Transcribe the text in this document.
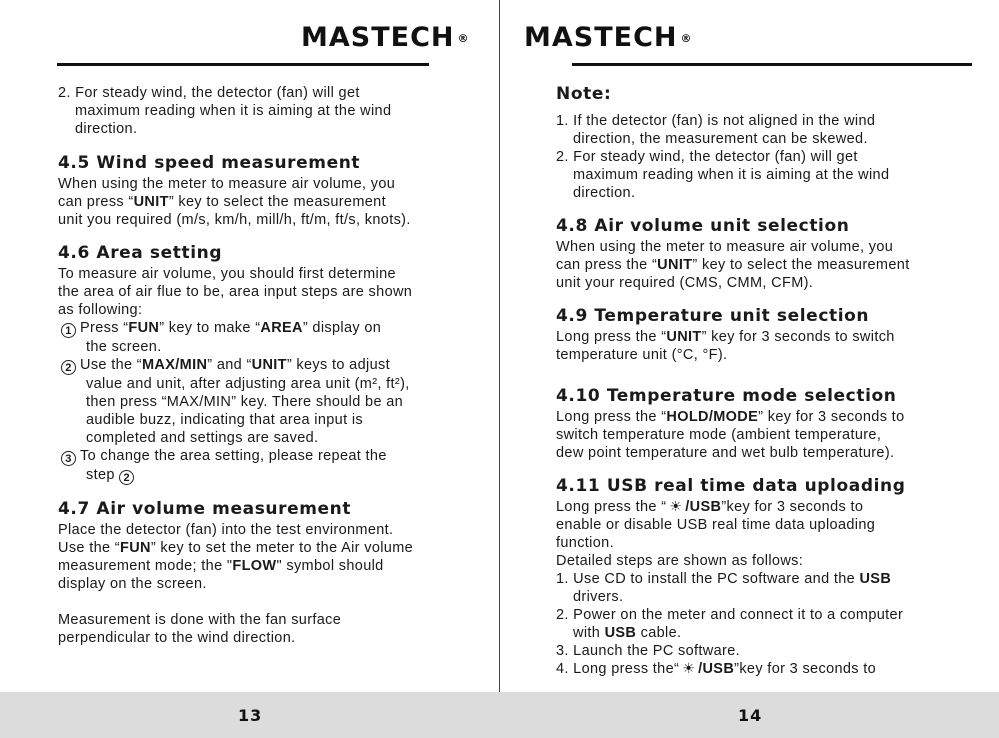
MASTECH ®

2. For steady wind, the detector (fan) will get

maximum reading when it is aiming at the wind

direction.

4.5 Wind speed measurement

When using the meter to measure air volume, you

can press “UNIT” key to select the measurement

unit you required (m/s, km/h, mill/h, ft/m, ft/s, knots).

4.6 Area setting

To measure air volume, you should first determine

the area of air flue to be, area input steps are shown

as following:

1 Press “FUN” key to make “AREA” display on

the screen.

2 Use the “MAX/MIN” and “UNIT” keys to adjust

value and unit, after adjusting area unit (m², ft²),

then press “MAX/MIN” key. There should be an

audible buzz, indicating that area input is

completed and settings are saved.

3 To change the area setting, please repeat the

step 2

4.7 Air volume measurement

Place the detector (fan) into the test environment.

Use the “FUN” key to set the meter to the Air volume

measurement mode; the "FLOW" symbol should

display on the screen.

Measurement is done with the fan surface

perpendicular to the wind direction.

MASTECH ®
Note:

1. If the detector (fan) is not aligned in the wind

direction, the measurement can be skewed.

2. For steady wind, the detector (fan) will get

maximum reading when it is aiming at the wind

direction.

4.8 Air volume unit selection

When using the meter to measure air volume, you

can press the “UNIT” key to select the measurement

unit your required (CMS, CMM, CFM).

4.9 Temperature unit selection

Long press the “UNIT” key for 3 seconds to switch

temperature unit (°C, °F).

4.10 Temperature mode selection

Long press the “HOLD/MODE” key for 3 seconds to

switch temperature mode (ambient temperature,

dew point temperature and wet bulb temperature).

4.11 USB real time data uploading

Long press the “ ☀ /USB”key for 3 seconds to

enable or disable USB real time data uploading

function.

Detailed steps are shown as follows:

1. Use CD to install the PC software and the USB

drivers.

2. Power on the meter and connect it to a computer

with USB cable.

3. Launch the PC software.

4. Long press the“ ☀ /USB”key for 3 seconds to

13	14
